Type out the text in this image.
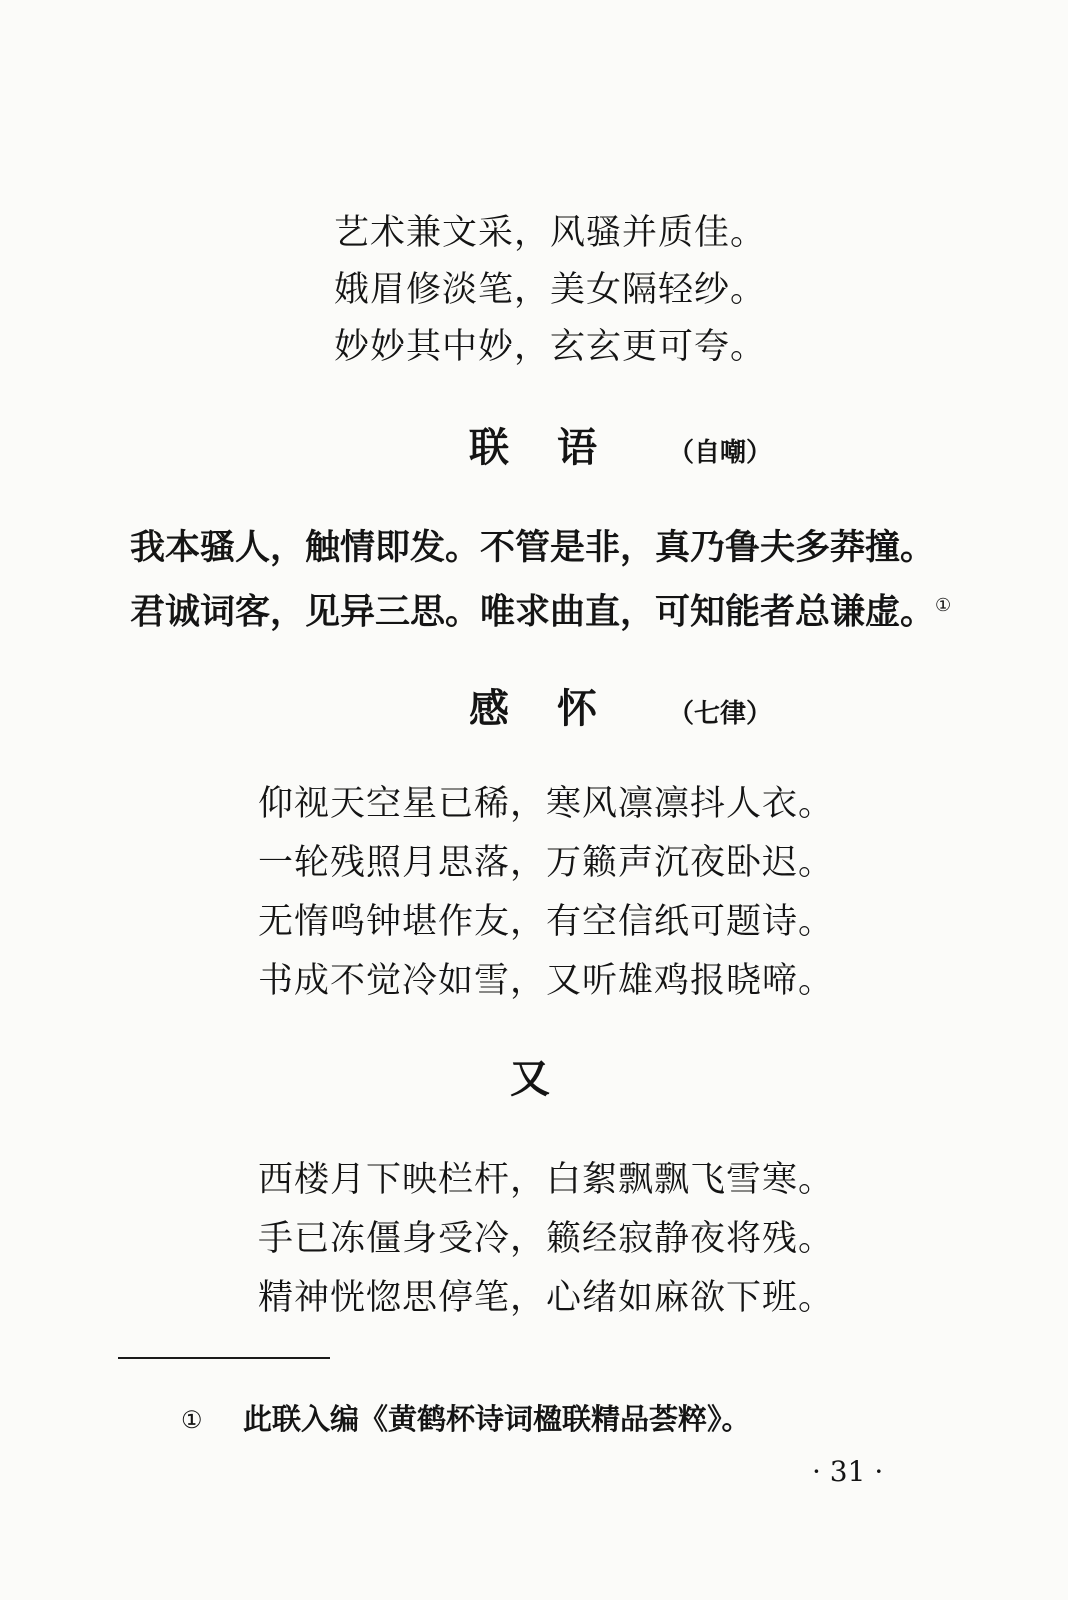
艺术兼文采，风骚并质佳。
娥眉修淡笔，美女隔轻纱。
妙妙其中妙，玄玄更可夸。
联 语	（自嘲）
我本骚人，触情即发。不管是非，真乃鲁夫多莽撞。
君诚词客，见异三思。唯求曲直，可知能者总谦虚。①
感 怀	（七律）
仰视天空星已稀，寒风凛凛抖人衣。
一轮残照月思落，万籁声沉夜卧迟。
无惰鸣钟堪作友，有空信纸可题诗。
书成不觉冷如雪，又听雄鸡报晓啼。
又
西楼月下映栏杆，白絮飘飘飞雪寒。
手已冻僵身受冷，籁经寂静夜将残。
精神恍惚思停笔，心绪如麻欲下班。
① 此联入编《黄鹤杯诗词楹联精品荟粹》。
· 31 ·
